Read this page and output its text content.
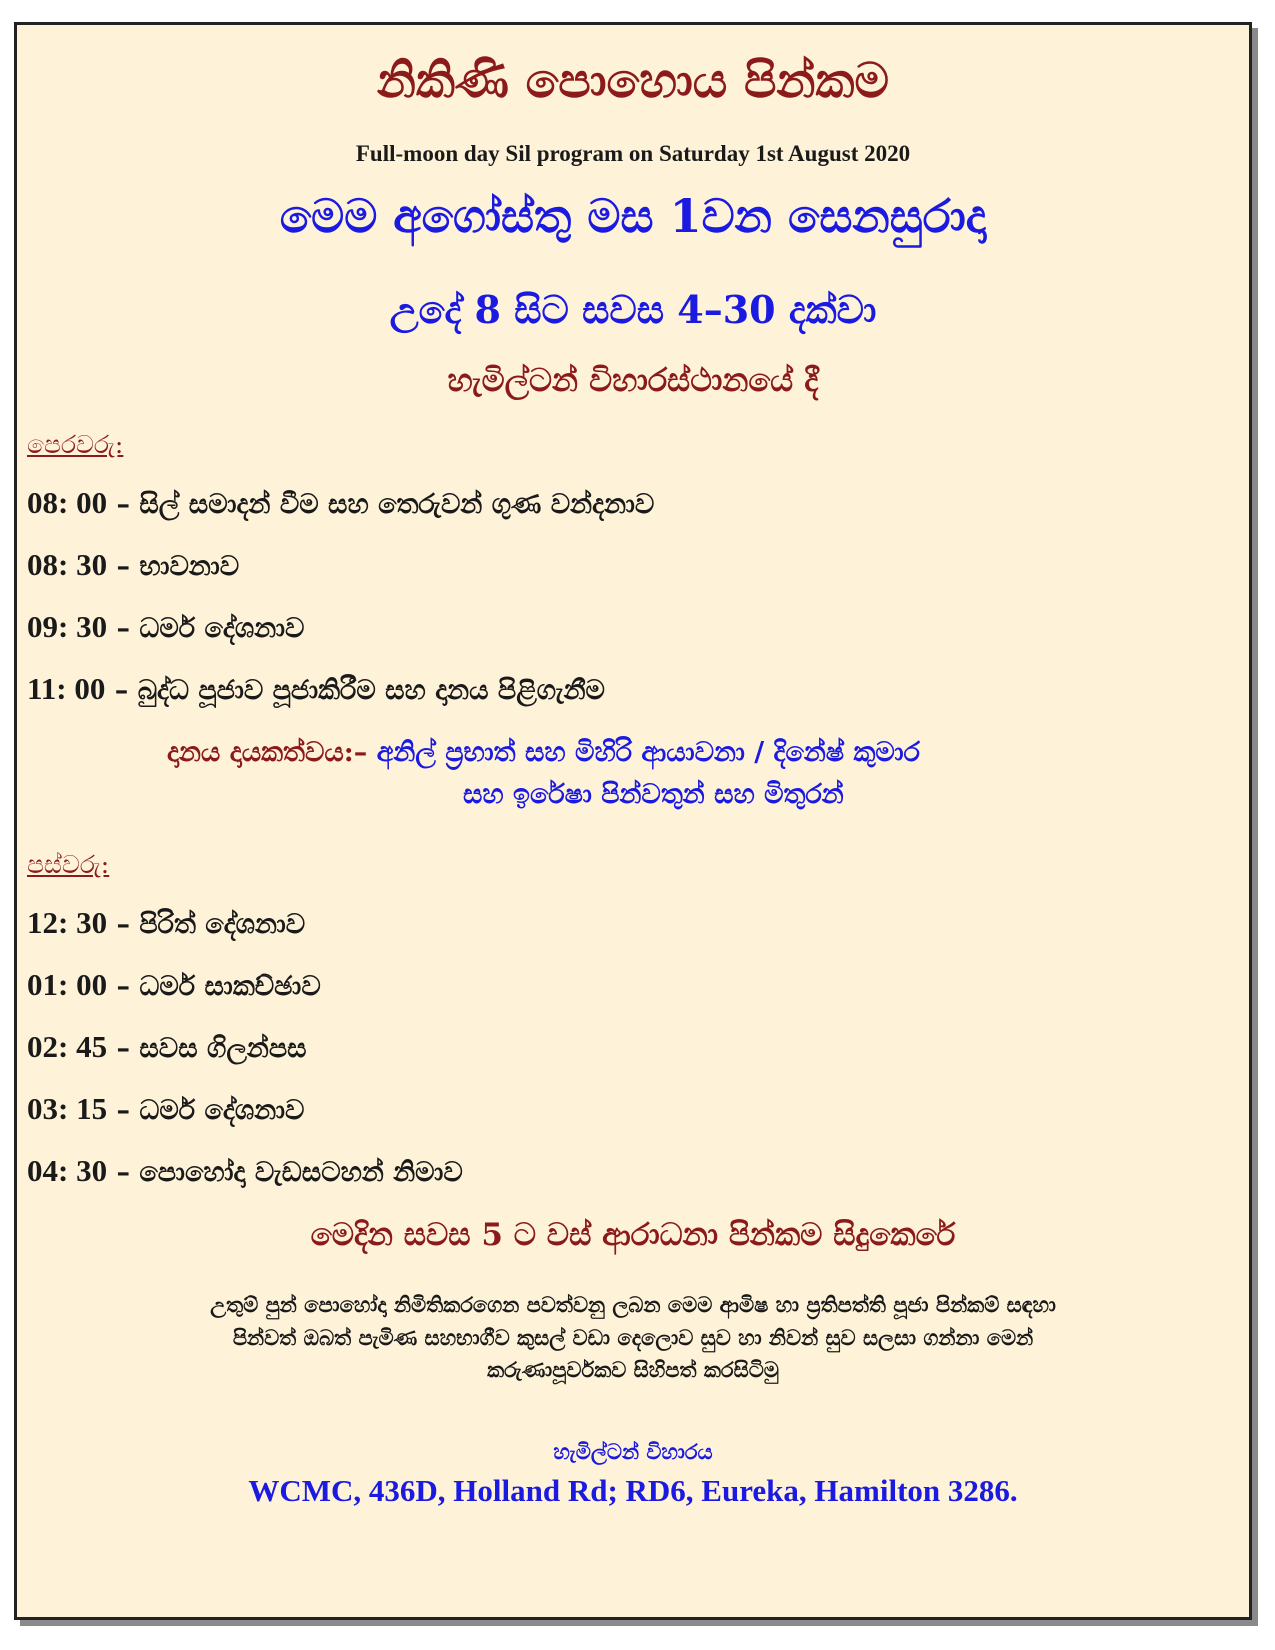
නිකිණි පොහොය පින්කම
Full-moon day Sil program on Saturday 1st August 2020
මෙම අගෝස්තු මස 1වන සෙනසුරාදා
උදේ 8 සිට සවස 4–30 දක්වා
හැමිල්ටන් විහාරස්ථානයේ දී
පෙරවරු:
08: 00 – සිල් සමාදන් වීම සහ තෙරුවන් ගුණ වන්දනාව
08: 30 – භාවනාව
09: 30 – ධර්ම දේශනාව
11: 00 – බුද්ධ පූජාව පූජාකිරීම සහ දානය පිළිගැනීම
දානය දායකත්වය:– අනිල් ප්‍රභාත් සහ මිහිරි ආයාවනා / දිනේෂ් කුමාර
සහ ඉරේෂා පින්වතුන් සහ මිතුරන්
පස්වරු:
12: 30 – පිරිත් දේශනාව
01: 00 – ධර්ම සාකච්ඡාව
02: 45 – සවස ගිලන්පස
03: 15 – ධර්ම දේශනාව
04: 30 – පොහෝදා වැඩසටහන් නිමාව
මෙදින සවස 5 ට වස් ආරාධනා පින්කම සිදුකෙරේ
උතුම් පුන් පොහෝදා නිමිතිකරගෙන පවත්වනු ලබන මෙම ආමිෂ හා ප්‍රතිපත්ති පූජා පින්කම් සඳහා
පින්වත් ඔබත් පැමිණ සහභාගීව කුසල් වඩා දෙලොව සුව හා නිවන් සුව සලසා ගන්නා මෙන්
කරුණාපූර්වකව සිහිපත් කරසිටිමු
හැමිල්ටන් විහාරය
WCMC, 436D, Holland Rd; RD6, Eureka, Hamilton 3286.
